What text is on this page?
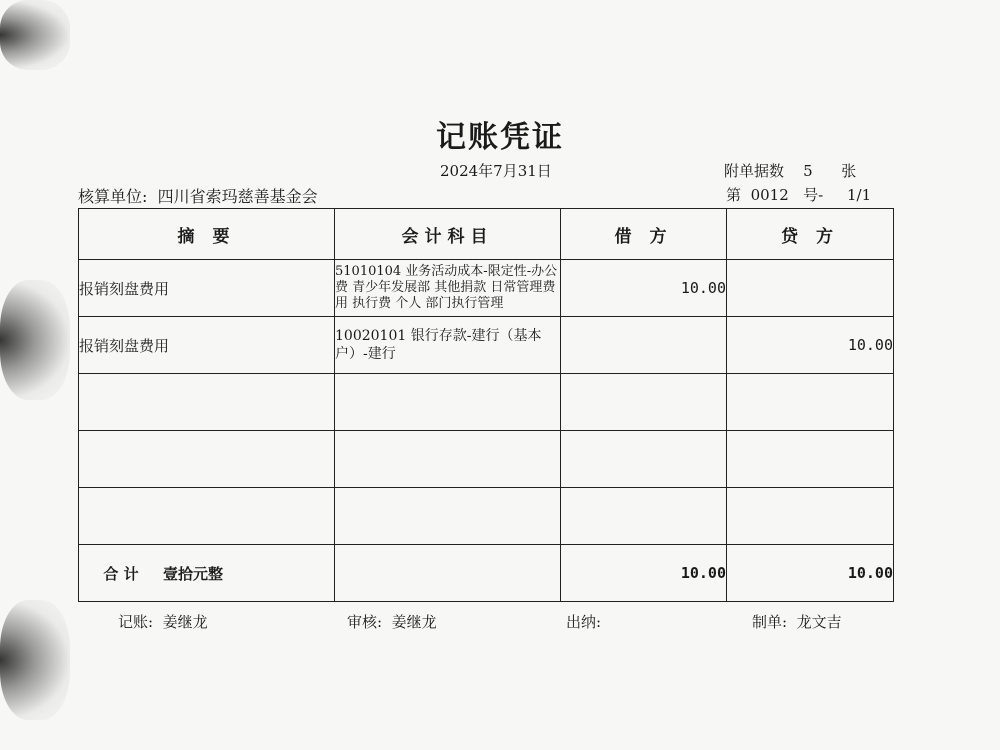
记账凭证
2024年7月31日	附单据数 5 张
核算单位: 四川省索玛慈善基金会	第 0012 号- 1/1
摘 要	会计科目	借 方	贷 方
报销刻盘费用	51010104 业务活动成本-限定性-办公费 青少年发展部 其他捐款 日常管理费用 执行费 个人 部门执行管理	10.00	
报销刻盘费用	10020101 银行存款-建行（基本户）-建行		10.00

合 计 壹拾元整		10.00	10.00
记账: 姜继龙	审核: 姜继龙	出纳:	制单: 龙文吉
